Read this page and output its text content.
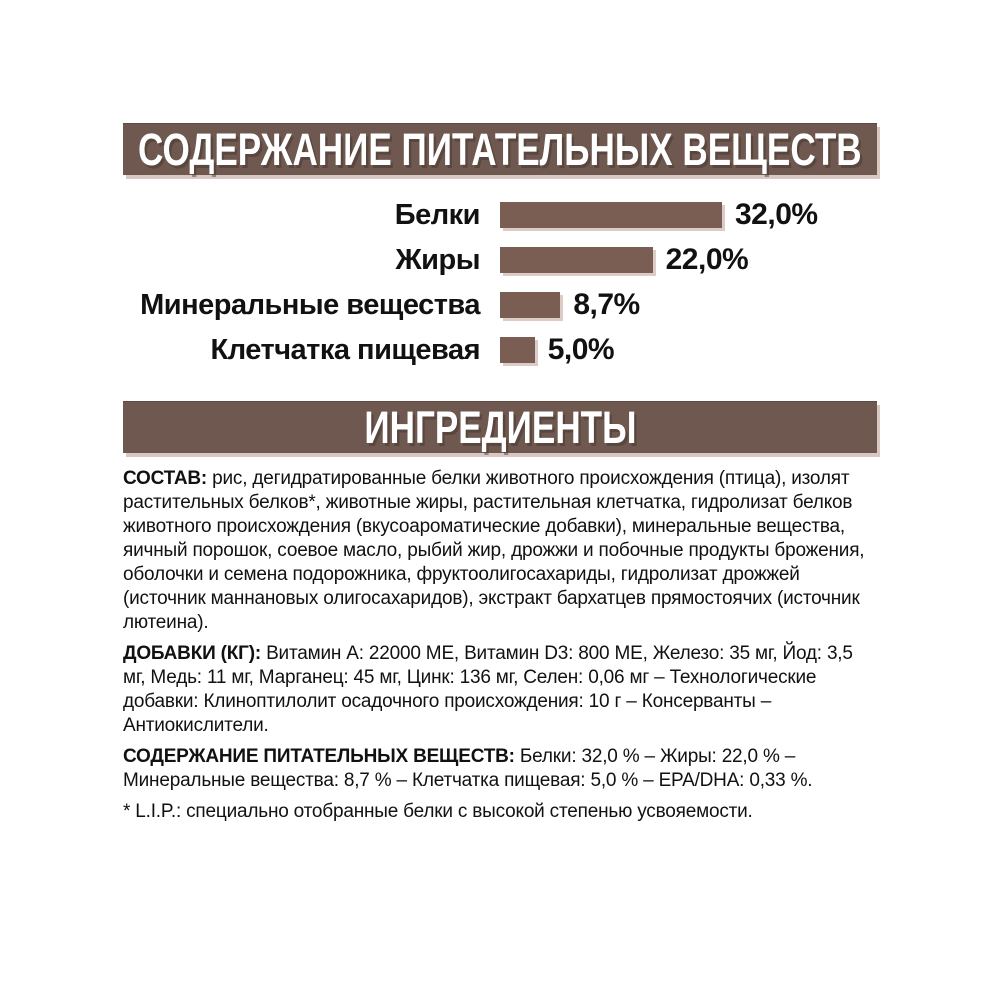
СОДЕРЖАНИЕ ПИТАТЕЛЬНЫХ ВЕЩЕСТВ
Белки	32,0%
Жиры	22,0%
Минеральные вещества	8,7%
Клетчатка пищевая 5,0%
ИНГРЕДИЕНТЫ

СОСТАВ: рис, дегидратированные белки животного происхождения (птица), изолят растительных белков*, животные жиры, растительная клетчатка, гидролизат белков животного происхождения (вкусоароматические добавки), минеральные вещества, яичный порошок, соевое масло, рыбий жир, дрожжи и побочные продукты брожения, оболочки и семена подорожника, фруктоолигосахариды, гидролизат дрожжей (источник маннановых олигосахаридов), экстракт бархатцев прямостоячих (источник лютеина).

ДОБАВКИ (КГ): Витамин A: 22000 МЕ, Витамин D3: 800 МЕ, Железо: 35 мг, Йод: 3,5 мг, Медь: 11 мг, Марганец: 45 мг, Цинк: 136 мг, Селен: 0,06 мг – Технологические добавки: Клиноптилолит осадочного происхождения: 10 г – Консерванты – Антиокислители.

СОДЕРЖАНИЕ ПИТАТЕЛЬНЫХ ВЕЩЕСТВ: Белки: 32,0 % – Жиры: 22,0 % – Минеральные вещества: 8,7 % – Клетчатка пищевая: 5,0 % – EPA/DHA: 0,33 %.

* L.I.P.: специально отобранные белки с высокой степенью усвояемости.
